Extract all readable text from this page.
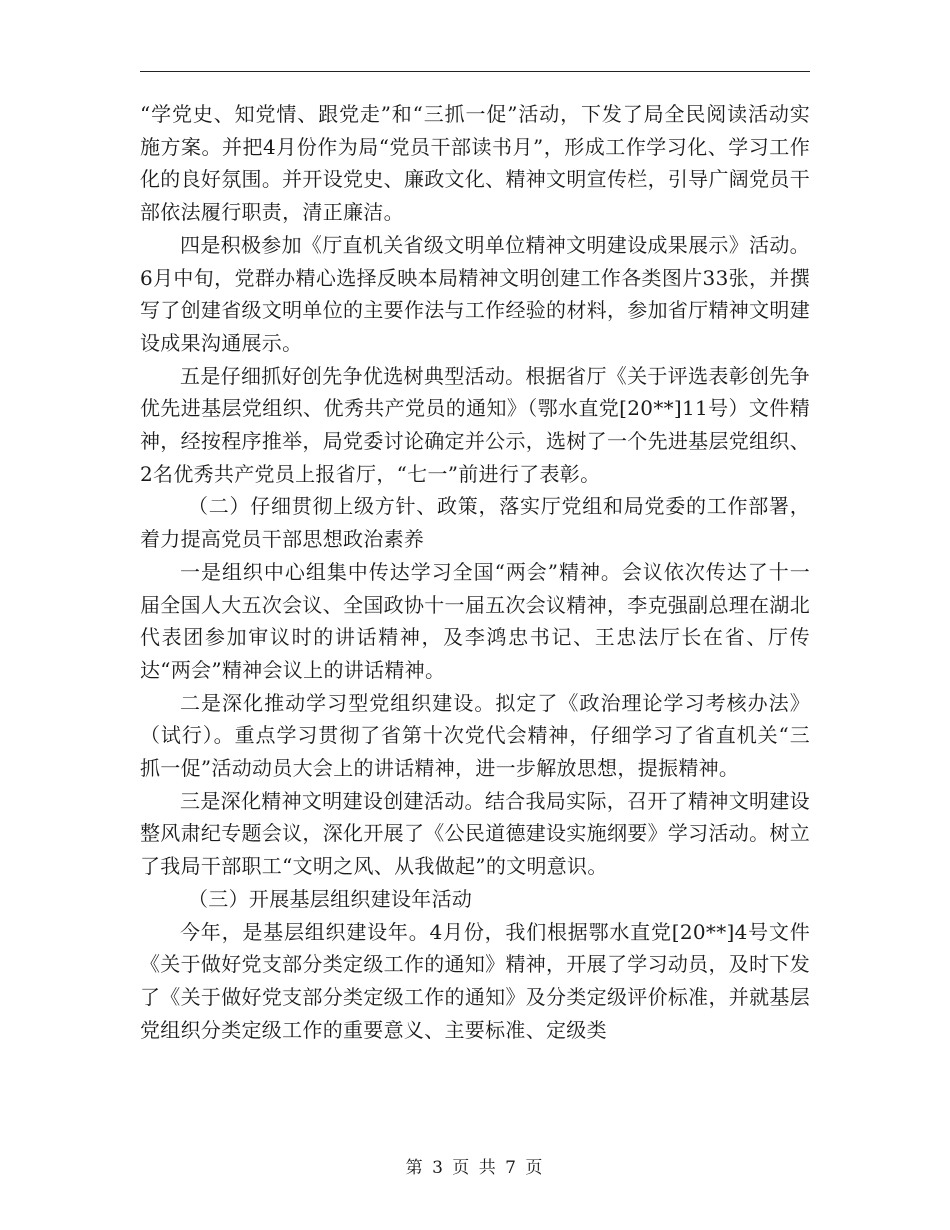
“学党史、知党情、跟党走”和“三抓一促”活动，下发了局全民阅读活动实施方案。并把4月份作为局“党员干部读书月”，形成工作学习化、学习工作化的良好氛围。并开设党史、廉政文化、精神文明宣传栏，引导广阔党员干部依法履行职责，清正廉洁。

四是积极参加《厅直机关省级文明单位精神文明建设成果展示》活动。6月中旬，党群办精心选择反映本局精神文明创建工作各类图片33张，并撰写了创建省级文明单位的主要作法与工作经验的材料，参加省厅精神文明建设成果沟通展示。

五是仔细抓好创先争优选树典型活动。根据省厅《关于评选表彰创先争优先进基层党组织、优秀共产党员的通知》（鄂水直党[20**]11号）文件精神，经按程序推举，局党委讨论确定并公示，选树了一个先进基层党组织、2名优秀共产党员上报省厅，“七一”前进行了表彰。

（二）仔细贯彻上级方针、政策，落实厅党组和局党委的工作部署，着力提高党员干部思想政治素养

一是组织中心组集中传达学习全国“两会”精神。会议依次传达了十一届全国人大五次会议、全国政协十一届五次会议精神，李克强副总理在湖北代表团参加审议时的讲话精神，及李鸿忠书记、王忠法厅长在省、厅传达“两会”精神会议上的讲话精神。

二是深化推动学习型党组织建设。拟定了《政治理论学习考核办法》（试行）。重点学习贯彻了省第十次党代会精神，仔细学习了省直机关“三抓一促”活动动员大会上的讲话精神，进一步解放思想，提振精神。

三是深化精神文明建设创建活动。结合我局实际，召开了精神文明建设整风肃纪专题会议，深化开展了《公民道德建设实施纲要》学习活动。树立了我局干部职工“文明之风、从我做起”的文明意识。

（三）开展基层组织建设年活动

今年，是基层组织建设年。4月份，我们根据鄂水直党[20**]4号文件《关于做好党支部分类定级工作的通知》精神，开展了学习动员，及时下发了《关于做好党支部分类定级工作的通知》及分类定级评价标准，并就基层党组织分类定级工作的重要意义、主要标准、定级类

第 3 页 共 7 页
